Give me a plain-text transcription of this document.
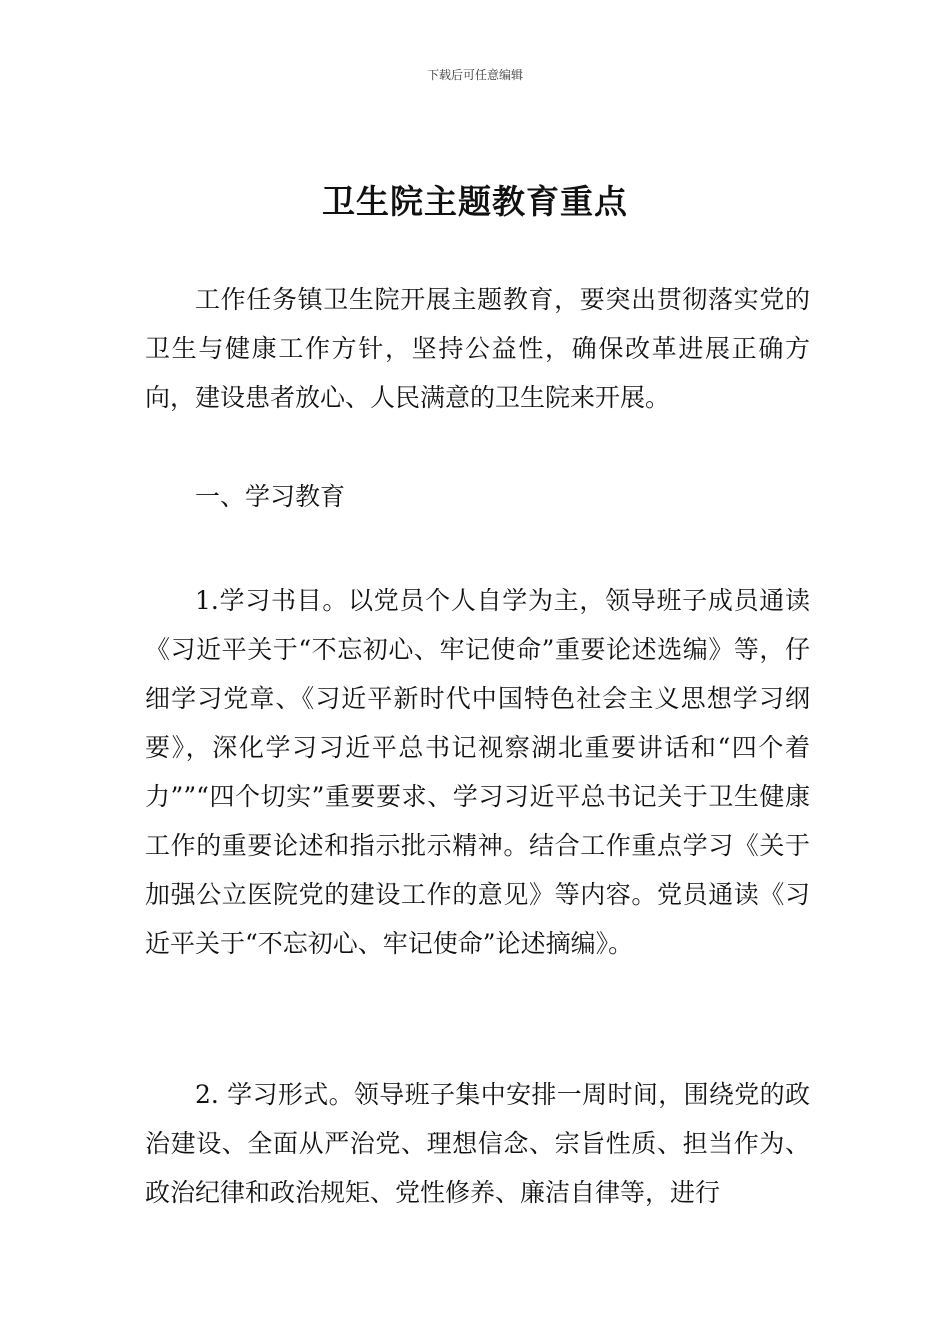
下载后可任意编辑
卫生院主题教育重点

工作任务镇卫生院开展主题教育，要突出贯彻落实党的卫生与健康工作方针，坚持公益性，确保改革进展正确方向，建设患者放心、人民满意的卫生院来开展。

一、学习教育

1.学习书目。以党员个人自学为主，领导班子成员通读《习近平关于“不忘初心、牢记使命”重要论述选编》等，仔细学习党章、《习近平新时代中国特色社会主义思想学习纲要》，深化学习习近平总书记视察湖北重要讲话和“四个着力””“四个切实”重要要求、学习习近平总书记关于卫生健康工作的重要论述和指示批示精神。结合工作重点学习《关于加强公立医院党的建设工作的意见》等内容。党员通读《习近平关于“不忘初心、牢记使命”论述摘编》。

2. 学习形式。领导班子集中安排一周时间，围绕党的政治建设、全面从严治党、理想信念、宗旨性质、担当作为、政治纪律和政治规矩、党性修养、廉洁自律等，进行
